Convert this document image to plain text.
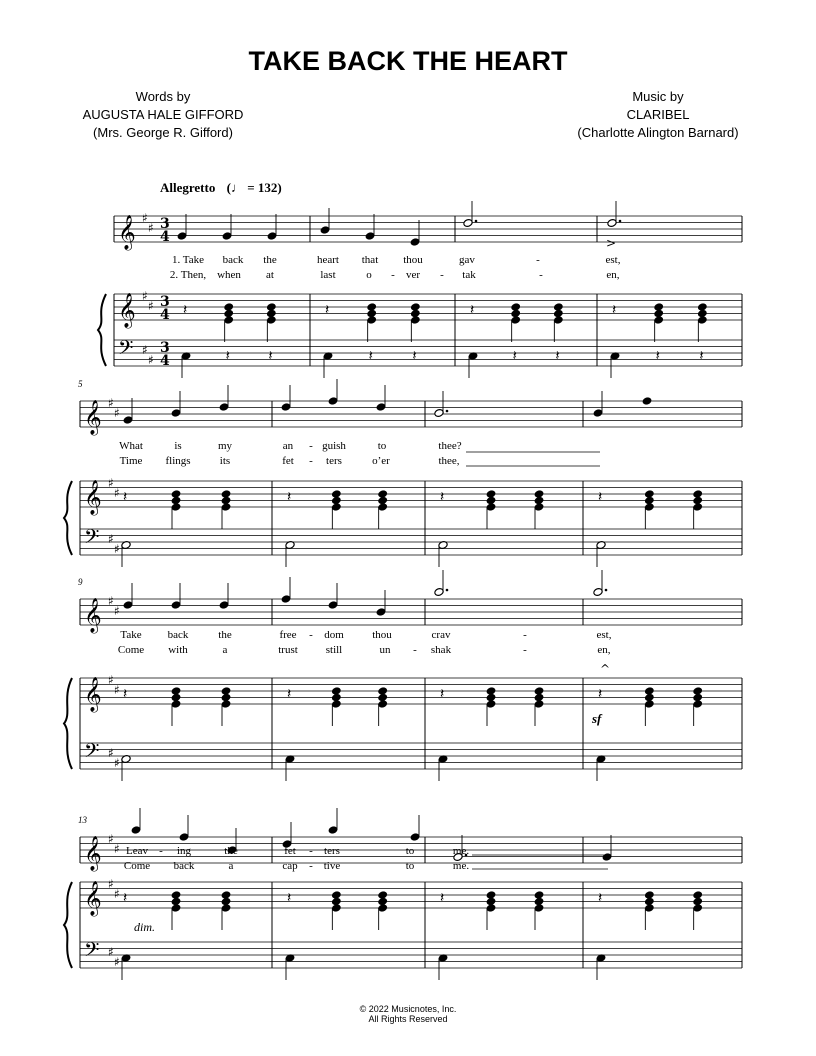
TAKE BACK THE HEART
Words by
AUGUSTA HALE GIFFORD
(Mrs. George R. Gifford)
Music by
CLARIBEL
(Charlotte Alington Barnard)
Allegretto (♩ = 132)
𝄞 ♯
♯
𝄞 ♯
♯
𝄢 ♯
♯
3
4
3
4
3
4
𝄽
𝄽	𝄽
𝄽
𝄽	𝄽
𝄽
𝄽	𝄽
𝄽
𝄽	𝄽
𝄞 ♯
♯
𝄞 ♯
♯
𝄢 ♯
♯
𝄽	𝄽	𝄽	𝄽
𝄞 ♯
♯
𝄞 ♯
♯
𝄢 ♯
♯
𝄽	𝄽	𝄽	𝄽
𝄞 ♯
♯
𝄞 ♯
♯
𝄢 ♯
♯
𝄽	𝄽	𝄽	𝄽
>
^
5
9
13
1. Take	back	the	heart	that	thou	gav	-	est,
2. Then,	when	at	last	o	-	ver	-	tak	-	en,
What	is	my	an	- guish	to	thee?
Time	flings	its	fet	-	ters	o’er	thee,
Take	back	the	free	-	dom	thou	crav	-	est,
Come	with	a	trust	still	un	-	shak	-	en,
Leav	-	ing	the	fet	-	ters	to	me.
Come	back	a	cap	- tive	to	me.
sf
dim.
© 2022 Musicnotes, Inc.
All Rights Reserved
